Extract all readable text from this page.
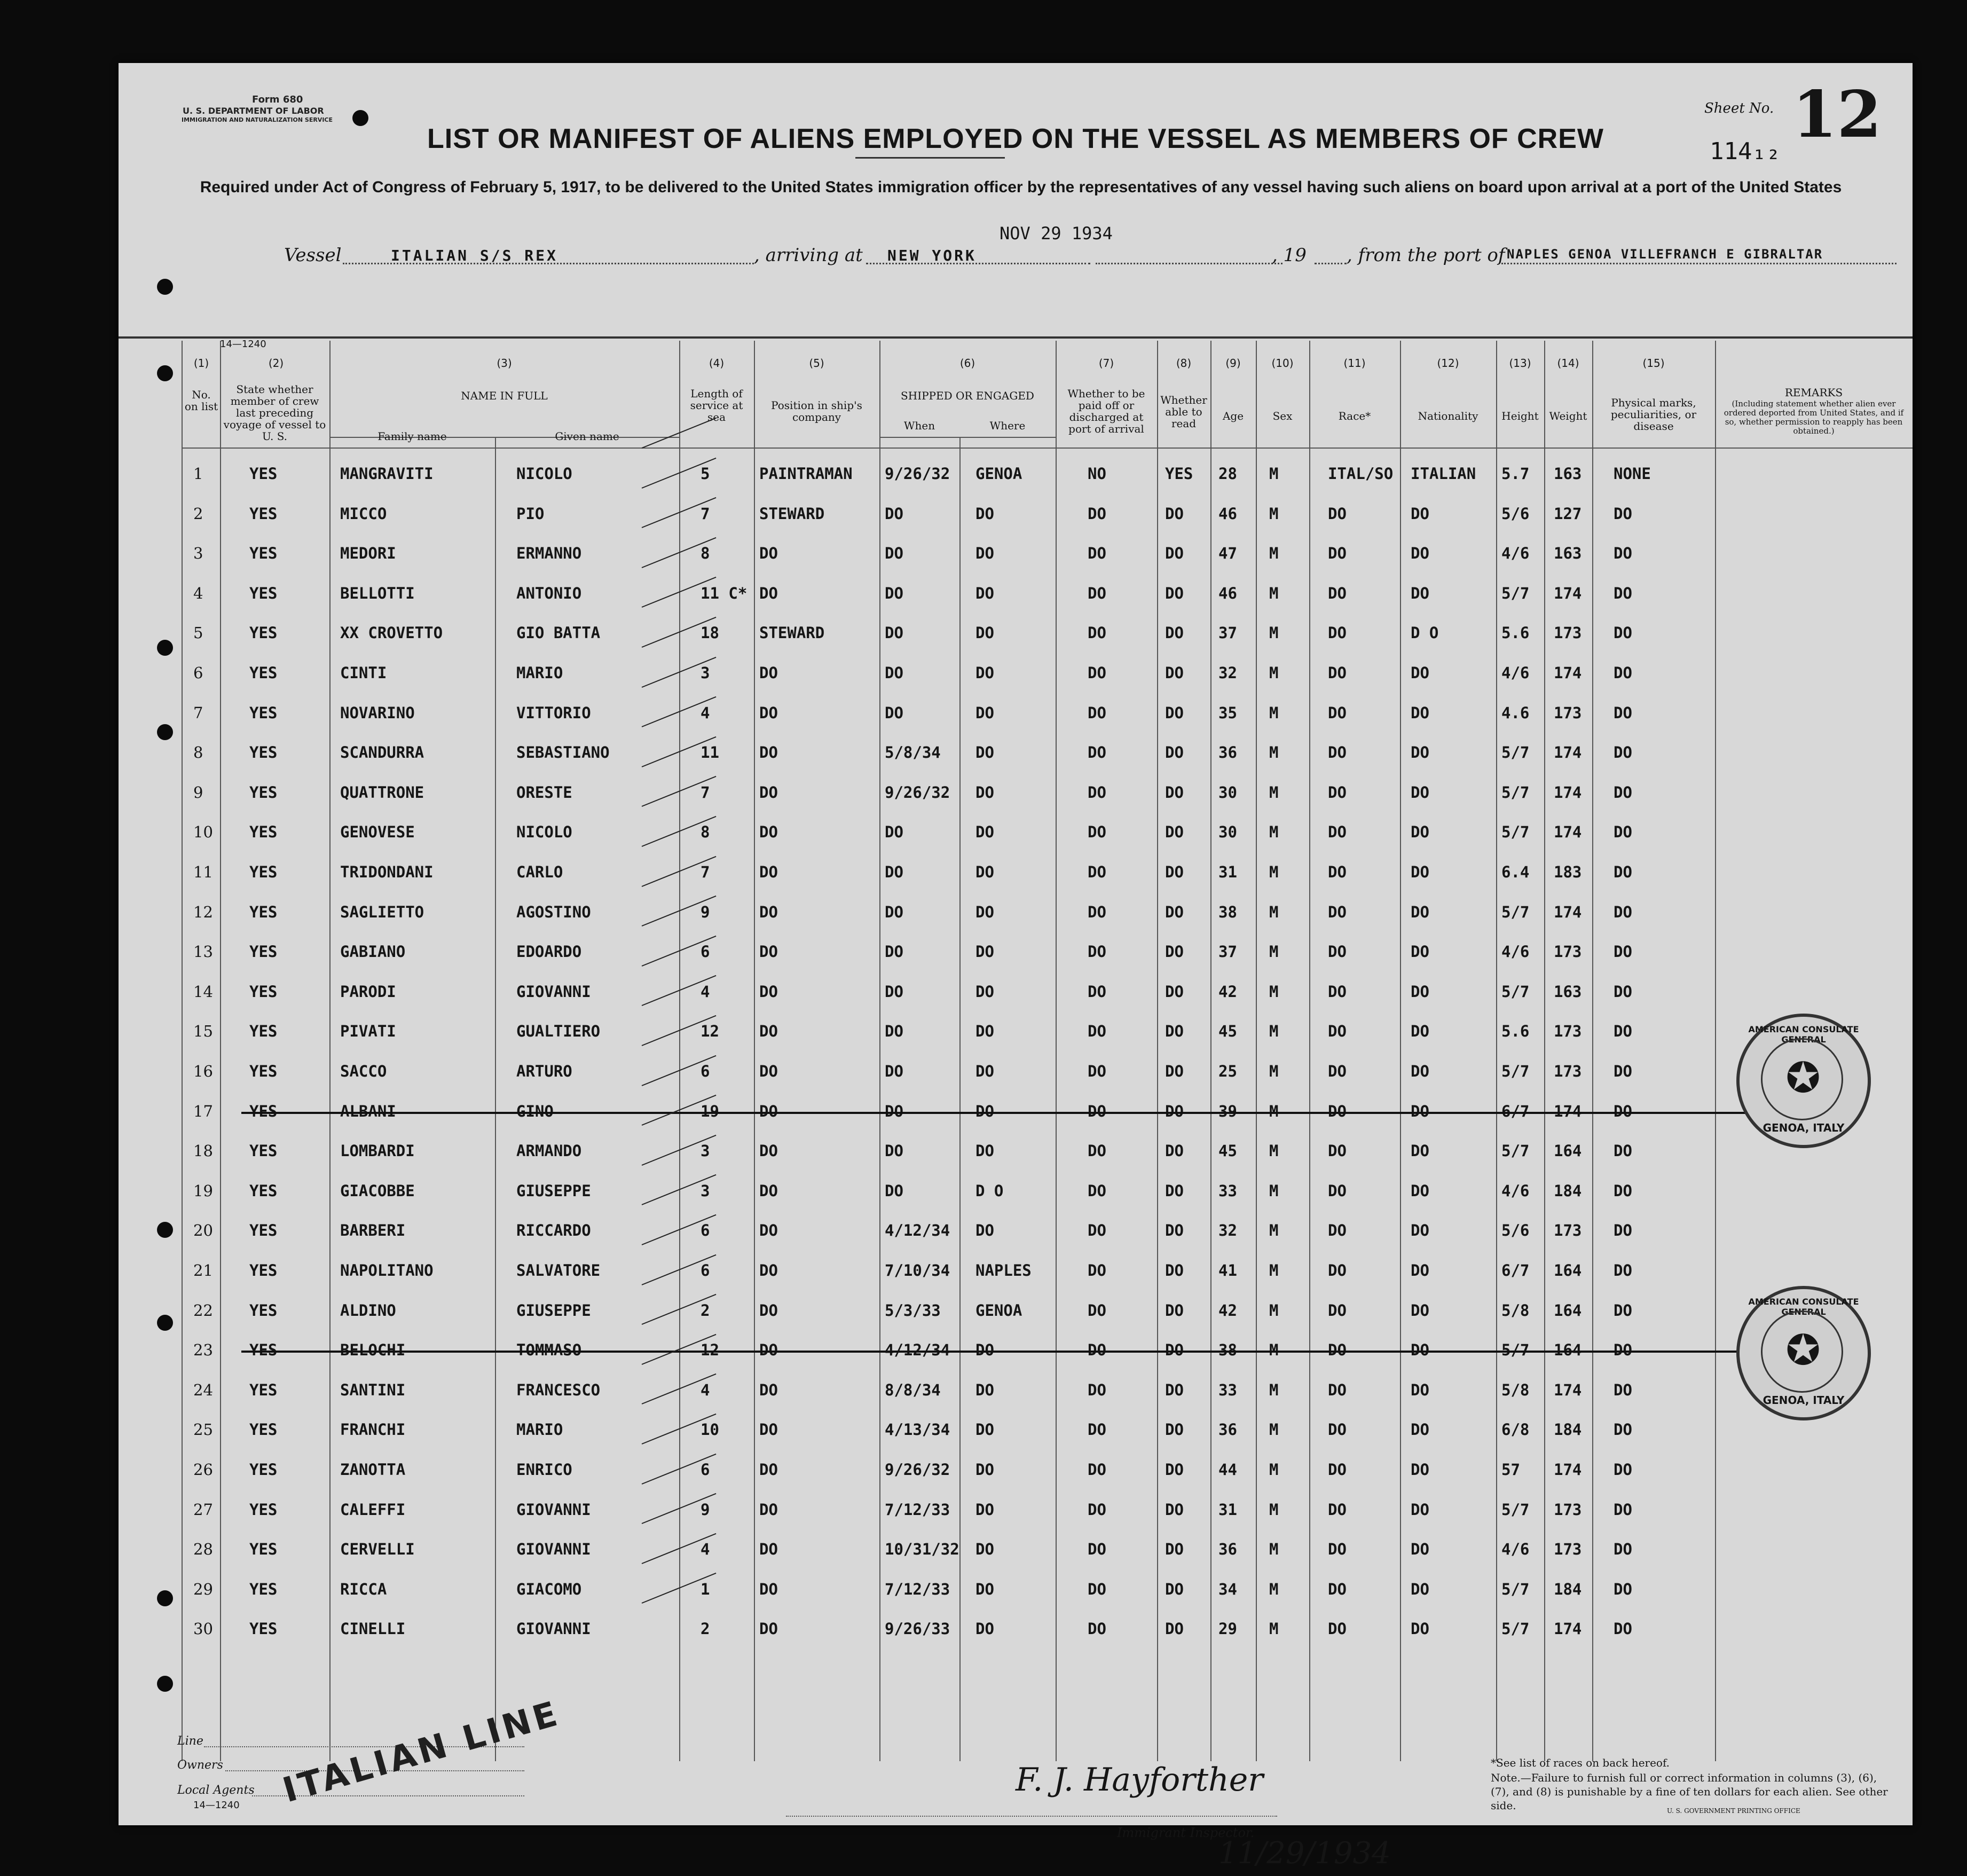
Form 680
U. S. DEPARTMENT OF LABOR
IMMIGRATION AND NATURALIZATION SERVICE
Sheet No. 12
114₁₂
LIST OR MANIFEST OF ALIENS EMPLOYED ON THE VESSEL AS MEMBERS OF CREW
Required under Act of Congress of February 5, 1917, to be delivered to the United States immigration officer by the representatives of any vessel having such aliens on board upon arrival at a port of the United States
NOV 29 1934
Vessel	ITALIAN S/S REX	, arriving at NEW YORK	, 19 , from the port of NAPLES GENOA VILLEFRANCH E GIBRALTAR
14—1240
(1)	(2)	(3)	(4)	(5)	(6)	(7)	(8)	(9)	(10)	(11)	(12)	(13)	(14)	(15)
No. on list
State whether member of crew last preceding voyage of vessel to U. S.
NAME IN FULL
Family name	Given name
Length of service at sea
Position in ship's company
SHIPPED OR ENGAGED
When	Where
Whether to be paid off or discharged at port of arrival
Whether able to read
Age	Sex	Race*	Nationality	Height Weight
Physical marks, peculiarities, or disease
REMARKS
(Including statement whether alien ever ordered deported from United States, and if so, whether permission to reapply has been obtained.)
1	YES	MANGRAVITI	NICOLO	5	PAINTRAMAN 9/26/32 GENOA	NO	YES 28 M	ITAL/SO ITALIAN 5.7 163 NONE
2	YES	MICCO	PIO	7	STEWARD	DO	DO	DO	DO 46 M	DO	DO	5/6 127 DO
3	YES	MEDORI	ERMANNO	8	DO	DO	DO	DO	DO 47 M	DO	DO	4/6 163 DO
4	YES	BELLOTTI	ANTONIO	11 C* DO	DO	DO	DO	DO 46 M	DO	DO	5/7 174 DO
5	YES	XX CROVETTO	GIO BATTA	18	STEWARD	DO	DO	DO	DO 37 M	DO	D O	5.6 173 DO
6	YES	CINTI	MARIO	3	DO	DO	DO	DO	DO 32 M	DO	DO	4/6 174 DO
7	YES	NOVARINO	VITTORIO	4	DO	DO	DO	DO	DO 35 M	DO	DO	4.6 173 DO
8	YES	SCANDURRA	SEBASTIANO	11	DO	5/8/34 DO	DO	DO 36 M	DO	DO	5/7 174 DO
9	YES	QUATTRONE	ORESTE	7	DO	9/26/32 DO	DO	DO 30 M	DO	DO	5/7 174 DO
10 YES	GENOVESE	NICOLO	8	DO	DO	DO	DO	DO 30 M	DO	DO	5/7 174 DO
11 YES	TRIDONDANI	CARLO	7	DO	DO	DO	DO	DO 31 M	DO	DO	6.4 183 DO
12 YES	SAGLIETTO	AGOSTINO	9	DO	DO	DO	DO	DO 38 M	DO	DO	5/7 174 DO
13 YES	GABIANO	EDOARDO	6	DO	DO	DO	DO	DO 37 M	DO	DO	4/6 173 DO
14 YES	PARODI	GIOVANNI	4	DO	DO	DO	DO	DO 42 M	DO	DO	5/7 163 DO
15 YES	PIVATI	GUALTIERO	12	DO	DO	DO	DO	DO 45 M	DO	DO	5.6 173 DO
16 YES	SACCO	ARTURO	6	DO	DO	DO	DO	DO 25 M	DO	DO	5/7 173 DO
17 YES	ALBANI	GINO	19	DO	DO	DO	DO	DO 39 M	DO	DO	6/7 174 DO
18 YES	LOMBARDI	ARMANDO	3	DO	DO	DO	DO	DO 45 M	DO	DO	5/7 164 DO
19 YES	GIACOBBE	GIUSEPPE	3	DO	DO	D O	DO	DO 33 M	DO	DO	4/6 184 DO
20 YES	BARBERI	RICCARDO	6	DO	4/12/34 DO	DO	DO 32 M	DO	DO	5/6 173 DO
21 YES	NAPOLITANO	SALVATORE	6	DO	7/10/34 NAPLES	DO	DO 41 M	DO	DO	6/7 164 DO
22 YES	ALDINO	GIUSEPPE	2	DO	5/3/33 GENOA	DO	DO 42 M	DO	DO	5/8 164 DO
23 YES	BELOCHI	TOMMASO	12	DO	4/12/34 DO	DO	DO 38 M	DO	DO	5/7 164 DO
24 YES	SANTINI	FRANCESCO	4	DO	8/8/34 DO	DO	DO 33 M	DO	DO	5/8 174 DO
25 YES	FRANCHI	MARIO	10	DO	4/13/34 DO	DO	DO 36 M	DO	DO	6/8 184 DO
26 YES	ZANOTTA	ENRICO	6	DO	9/26/32 DO	DO	DO 44 M	DO	DO	57 174 DO
27 YES	CALEFFI	GIOVANNI	9	DO	7/12/33 DO	DO	DO 31 M	DO	DO	5/7 173 DO
28 YES	CERVELLI	GIOVANNI	4	DO	10/31/32 DO	DO	DO 36 M	DO	DO	4/6 173 DO
29 YES	RICCA	GIACOMO	1	DO	7/12/33 DO	DO	DO 34 M	DO	DO	5/7 184 DO
30 YES	CINELLI	GIOVANNI	2	DO	9/26/33 DO	DO	DO 29 M	DO	DO	5/7 174 DO
AMERICAN CONSULATE GENERAL
✪
GENOA, ITALY
AMERICAN CONSULATE GENERAL
✪
GENOA, ITALY
Line
Owners
Local Agents
14—1240 ITALIAN LINE	F. J. Hayforther
Immigrant Inspector.
11/29/1934
*See list of races on back hereof.
Note.—Failure to furnish full or correct information in columns (3), (6), (7), and (8) is punishable by a fine of ten dollars for each alien. See other side.	U. S. GOVERNMENT PRINTING OFFICE
